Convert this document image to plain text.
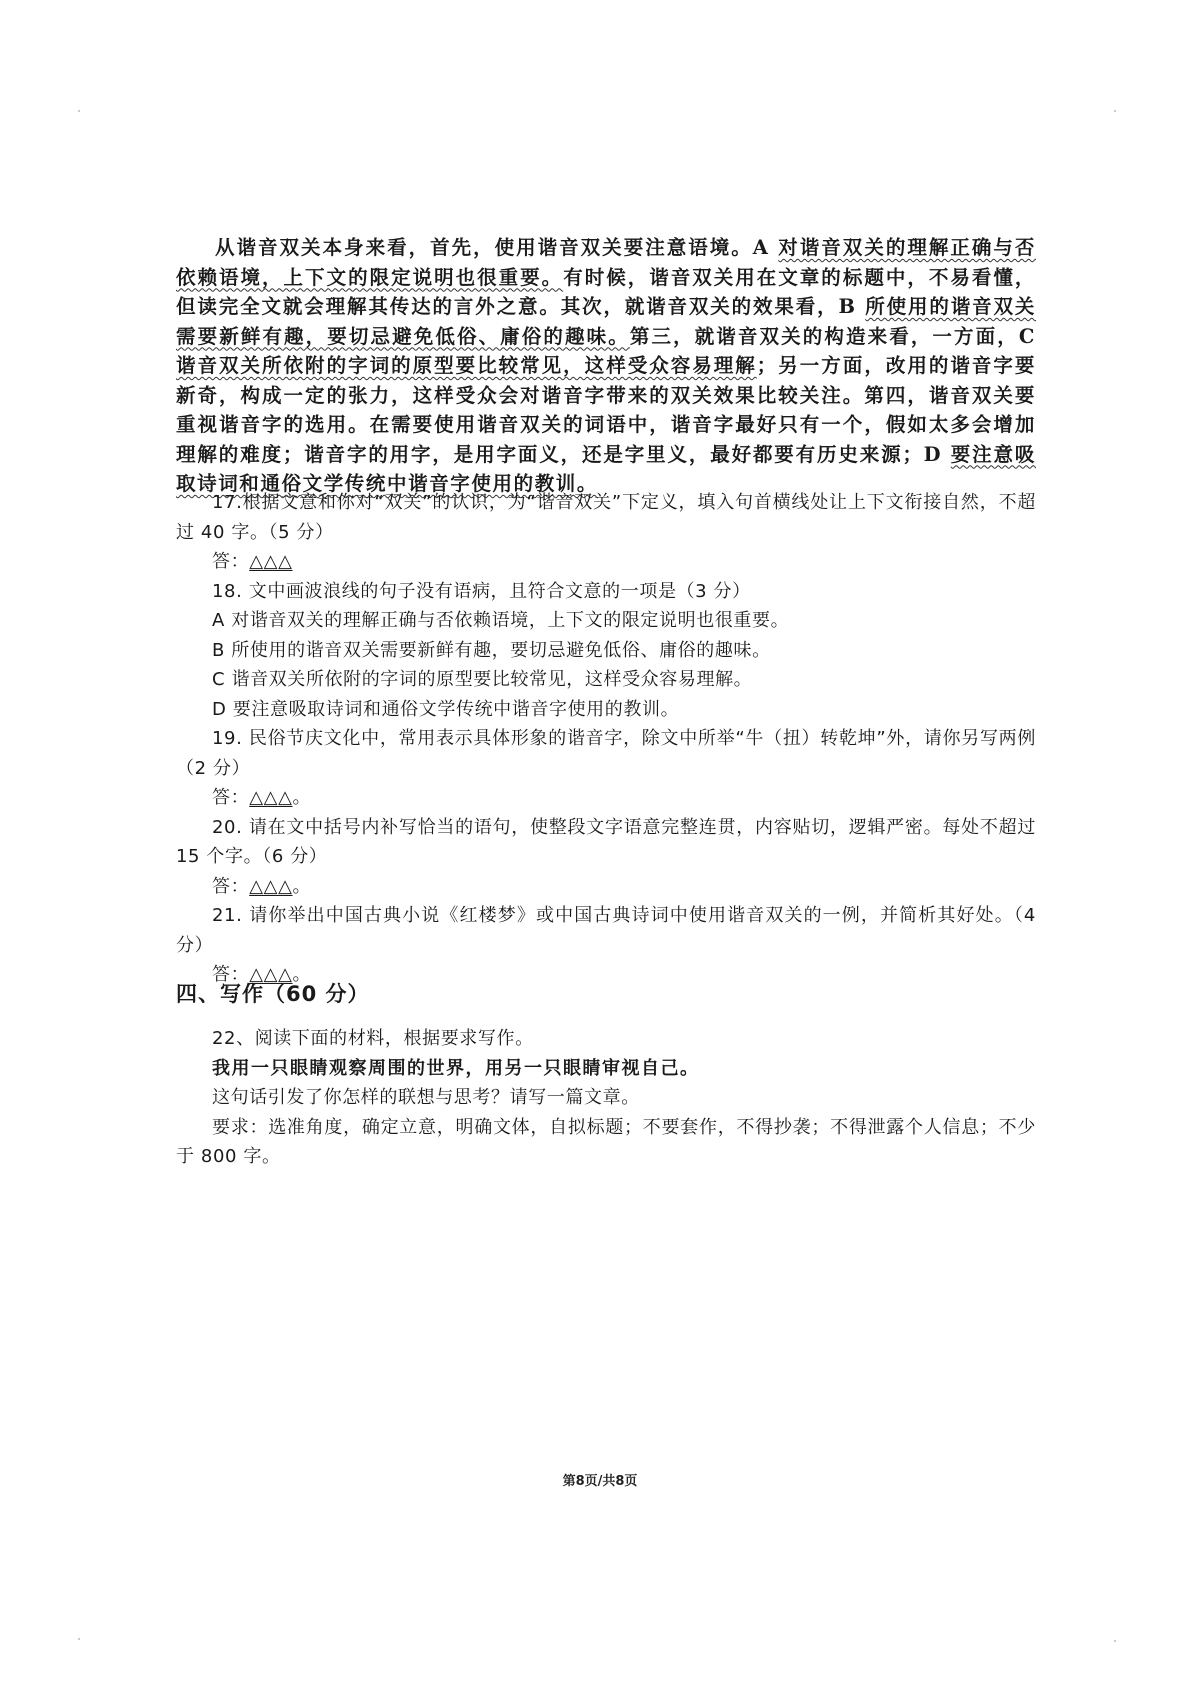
从谐音双关本身来看，首先，使用谐音双关要注意语境。A 对谐音双关的理解正确与否依赖语境，上下文的限定说明也很重要。有时候，谐音双关用在文章的标题中，不易看懂，但读完全文就会理解其传达的言外之意。其次，就谐音双关的效果看，B 所使用的谐音双关需要新鲜有趣，要切忌避免低俗、庸俗的趣味。第三，就谐音双关的构造来看，一方面，C 谐音双关所依附的字词的原型要比较常见，这样受众容易理解；另一方面，改用的谐音字要新奇，构成一定的张力，这样受众会对谐音字带来的双关效果比较关注。第四，谐音双关要重视谐音字的选用。在需要使用谐音双关的词语中，谐音字最好只有一个，假如太多会增加理解的难度；谐音字的用字，是用字面义，还是字里义，最好都要有历史来源；D 要注意吸取诗词和通俗文学传统中谐音字使用的教训。
17.根据文意和你对“双关”的认识，为“谐音双关”下定义，填入句首横线处让上下文衔接自然，不超过 40 字。（5 分）
答：△△△
18. 文中画波浪线的句子没有语病，且符合文意的一项是（3 分）
A 对谐音双关的理解正确与否依赖语境，上下文的限定说明也很重要。
B 所使用的谐音双关需要新鲜有趣，要切忌避免低俗、庸俗的趣味。
C 谐音双关所依附的字词的原型要比较常见，这样受众容易理解。
D 要注意吸取诗词和通俗文学传统中谐音字使用的教训。
19. 民俗节庆文化中，常用表示具体形象的谐音字，除文中所举“牛（扭）转乾坤”外，请你另写两例（2 分）
答：△△△。
20. 请在文中括号内补写恰当的语句，使整段文字语意完整连贯，内容贴切，逻辑严密。每处不超过 15 个字。（6 分）
答：△△△。
21. 请你举出中国古典小说《红楼梦》或中国古典诗词中使用谐音双关的一例，并简析其好处。（4 分）
答：△△△。
四、写作（60 分）
22、阅读下面的材料，根据要求写作。
我用一只眼睛观察周围的世界，用另一只眼睛审视自己。
这句话引发了你怎样的联想与思考？请写一篇文章。
要求：选准角度，确定立意，明确文体，自拟标题；不要套作，不得抄袭；不得泄露个人信息；不少于 800 字。
第8页/共8页
